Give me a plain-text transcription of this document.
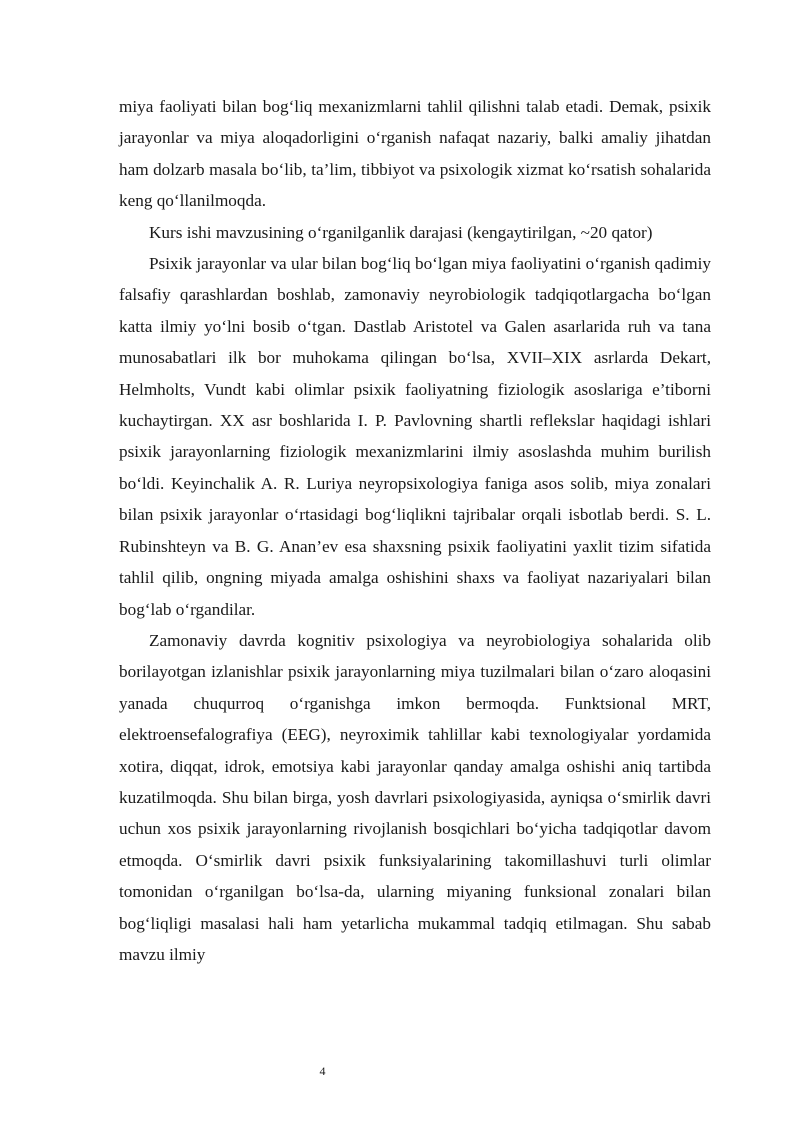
miya faoliyati bilan bog‘liq mexanizmlarni tahlil qilishni talab etadi. Demak, psixik jarayonlar va miya aloqadorligini o‘rganish nafaqat nazariy, balki amaliy jihatdan ham dolzarb masala bo‘lib, ta’lim, tibbiyot va psixologik xizmat ko‘rsatish sohalarida keng qo‘llanilmoqda.

Kurs ishi mavzusining o‘rganilganlik darajasi (kengaytirilgan, ~20 qator)

Psixik jarayonlar va ular bilan bog‘liq bo‘lgan miya faoliyatini o‘rganish qadimiy falsafiy qarashlardan boshlab, zamonaviy neyrobiologik tadqiqotlargacha bo‘lgan katta ilmiy yo‘lni bosib o‘tgan. Dastlab Aristotel va Galen asarlarida ruh va tana munosabatlari ilk bor muhokama qilingan bo‘lsa, XVII–XIX asrlarda Dekart, Helmholts, Vundt kabi olimlar psixik faoliyatning fiziologik asoslariga e’tiborni kuchaytirgan. XX asr boshlarida I. P. Pavlovning shartli reflekslar haqidagi ishlari psixik jarayonlarning fiziologik mexanizmlarini ilmiy asoslashda muhim burilish bo‘ldi. Keyinchalik A. R. Luriya neyropsixologiya faniga asos solib, miya zonalari bilan psixik jarayonlar o‘rtasidagi bog‘liqlikni tajribalar orqali isbotlab berdi. S. L. Rubinshteyn va B. G. Anan’ev esa shaxsning psixik faoliyatini yaxlit tizim sifatida tahlil qilib, ongning miyada amalga oshishini shaxs va faoliyat nazariyalari bilan bog‘lab o‘rgandilar.

Zamonaviy davrda kognitiv psixologiya va neyrobiologiya sohalarida olib borilayotgan izlanishlar psixik jarayonlarning miya tuzilmalari bilan o‘zaro aloqasini yanada chuqurroq o‘rganishga imkon bermoqda. Funktsional MRT, elektroensefalografiya (EEG), neyroximik tahlillar kabi texnologiyalar yordamida xotira, diqqat, idrok, emotsiya kabi jarayonlar qanday amalga oshishi aniq tartibda kuzatilmoqda. Shu bilan birga, yosh davrlari psixologiyasida, ayniqsa o‘smirlik davri uchun xos psixik jarayonlarning rivojlanish bosqichlari bo‘yicha tadqiqotlar davom etmoqda. O‘smirlik davri psixik funksiyalarining takomillashuvi turli olimlar tomonidan o‘rganilgan bo‘lsa-da, ularning miyaning funksional zonalari bilan bog‘liqligi masalasi hali ham yetarlicha mukammal tadqiq etilmagan. Shu sabab mavzu ilmiy

4
